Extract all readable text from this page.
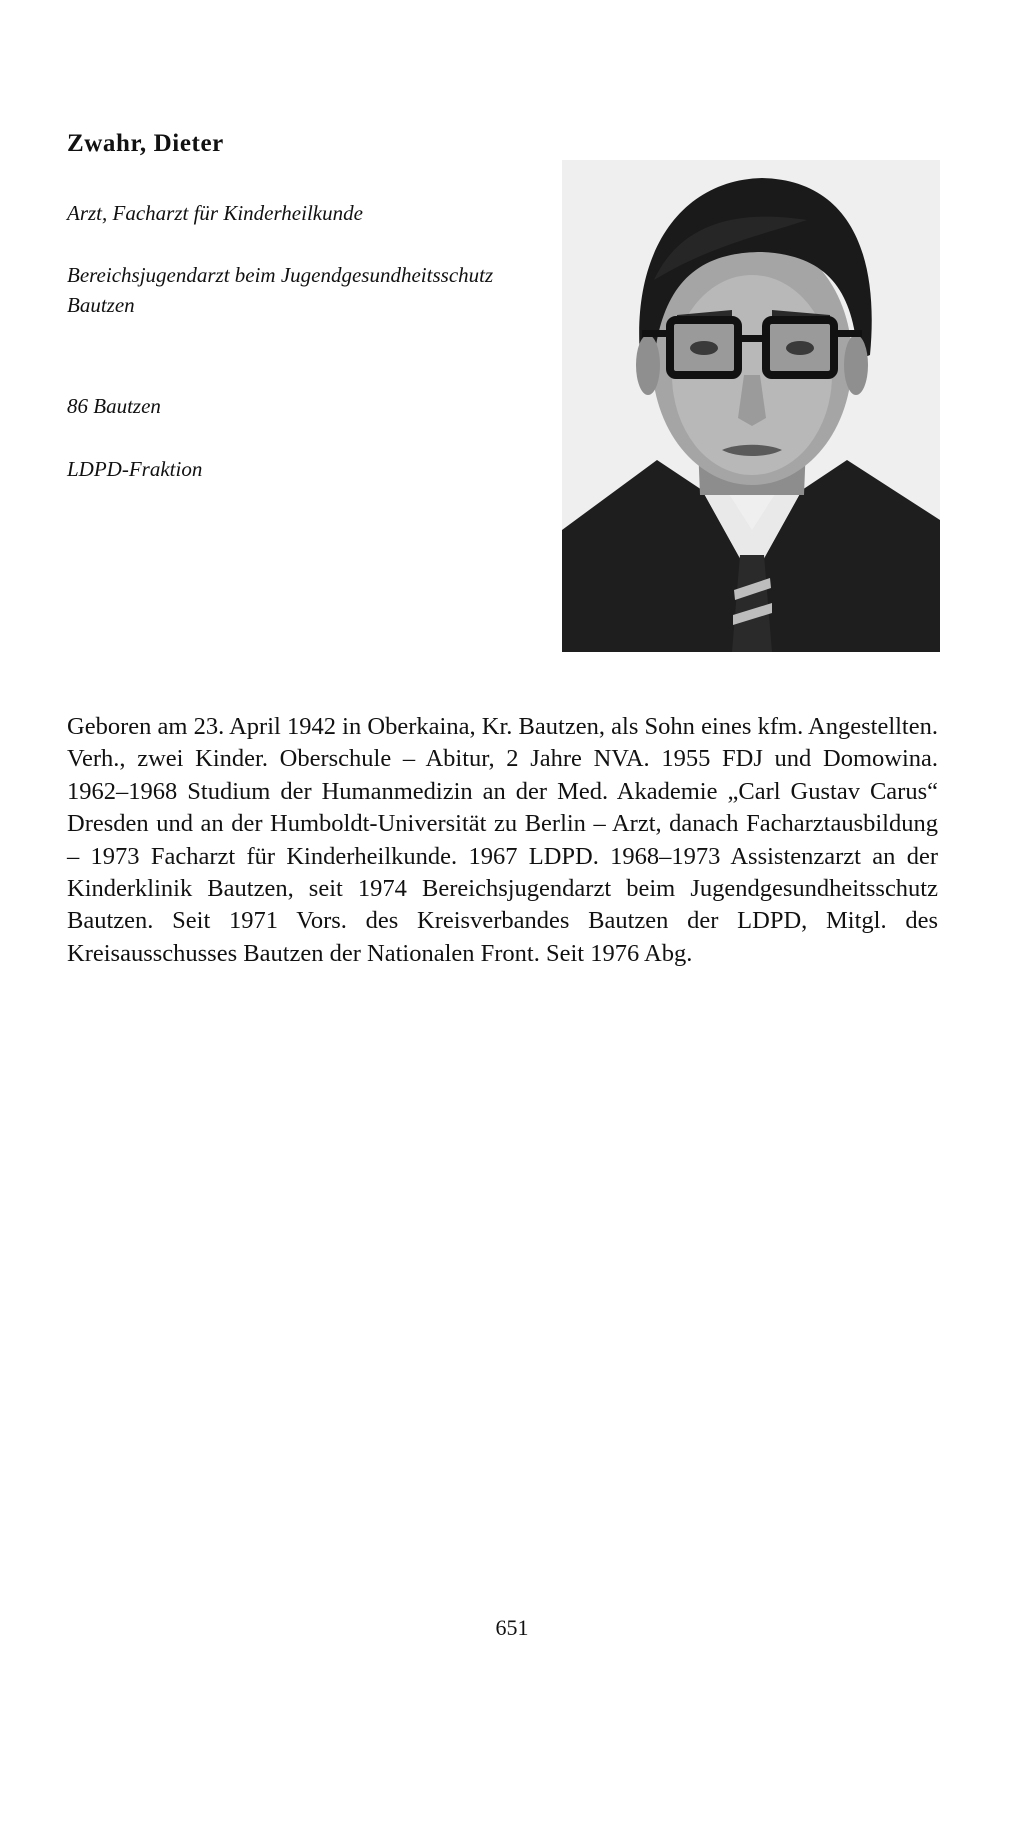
Zwahr, Dieter

Arzt, Facharzt für Kinderheilkunde

Bereichsjugendarzt beim Jugendgesundheitsschutz Bautzen

86 Bautzen

LDPD-Fraktion

Geboren am 23. April 1942 in Oberkaina, Kr. Bautzen, als Sohn eines kfm. Angestellten. Verh., zwei Kinder. Oberschule – Abitur, 2 Jahre NVA. 1955 FDJ und Domowina. 1962–1968 Studium der Humanmedizin an der Med. Akademie „Carl Gustav Carus“ Dresden und an der Humboldt-Universität zu Berlin – Arzt, danach Facharztausbildung – 1973 Facharzt für Kinderheilkunde. 1967 LDPD. 1968–1973 Assistenzarzt an der Kinderklinik Bautzen, seit 1974 Bereichsjugendarzt beim Jugendgesundheitsschutz Bautzen. Seit 1971 Vors. des Kreisverbandes Bautzen der LDPD, Mitgl. des Kreisausschusses Bautzen der Nationalen Front. Seit 1976 Abg.

651
